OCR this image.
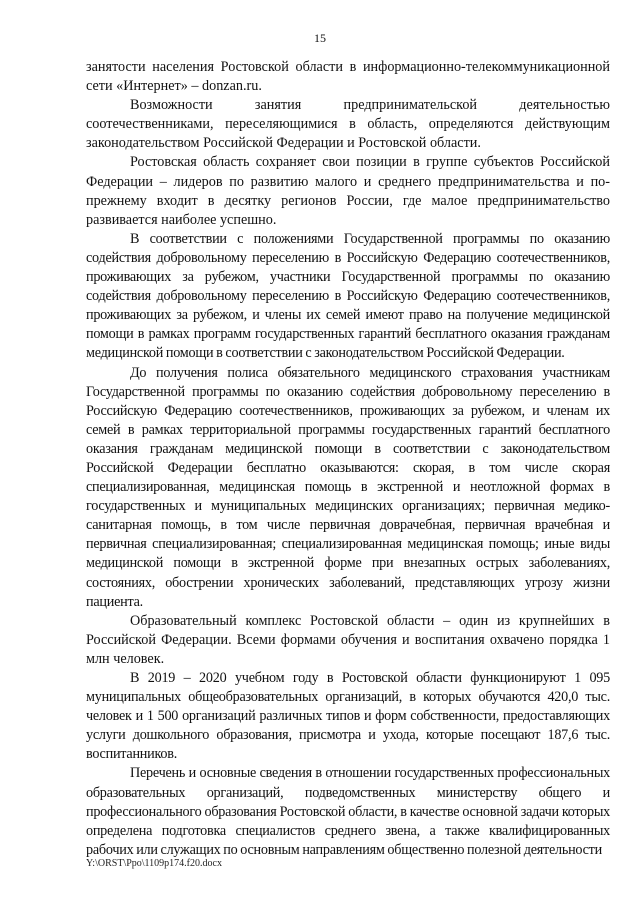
15

занятости населения Ростовской области в информационно-телекоммуникационной сети «Интернет» – donzan.ru.

Возможности занятия предпринимательской деятельностью соотечественниками, переселяющимися в область, определяются действующим законодательством Российской Федерации и Ростовской области.

Ростовская область сохраняет свои позиции в группе субъектов Российской Федерации – лидеров по развитию малого и среднего предпринимательства и по-прежнему входит в десятку регионов России, где малое предпринимательство развивается наиболее успешно.

В соответствии с положениями Государственной программы по оказанию содействия добровольному переселению в Российскую Федерацию соотечественников, проживающих за рубежом, участники Государственной программы по оказанию содействия добровольному переселению в Российскую Федерацию соотечественников, проживающих за рубежом, и члены их семей имеют право на получение медицинской помощи в рамках программ государственных гарантий бесплатного оказания гражданам медицинской помощи в соответствии с законодательством Российской Федерации.

До получения полиса обязательного медицинского страхования участникам Государственной программы по оказанию содействия добровольному переселению в Российскую Федерацию соотечественников, проживающих за рубежом, и членам их семей в рамках территориальной программы государственных гарантий бесплатного оказания гражданам медицинской помощи в соответствии с законодательством Российской Федерации бесплатно оказываются: скорая, в том числе скорая специализированная, медицинская помощь в экстренной и неотложной формах в государственных и муниципальных медицинских организациях; первичная медико-санитарная помощь, в том числе первичная доврачебная, первичная врачебная и первичная специализированная; специализированная медицинская помощь; иные виды медицинской помощи в экстренной форме при внезапных острых заболеваниях, состояниях, обострении хронических заболеваний, представляющих угрозу жизни пациента.

Образовательный комплекс Ростовской области – один из крупнейших в Российской Федерации. Всеми формами обучения и воспитания охвачено порядка 1 млн человек.

В 2019 – 2020 учебном году в Ростовской области функционируют 1 095 муниципальных общеобразовательных организаций, в которых обучаются 420,0 тыс. человек и 1 500 организаций различных типов и форм собственности, предоставляющих услуги дошкольного образования, присмотра и ухода, которые посещают 187,6 тыс. воспитанников.

Перечень и основные сведения в отношении государственных профессиональных образовательных организаций, подведомственных министерству общего и профессионального образования Ростовской области, в качестве основной задачи которых определена подготовка специалистов среднего звена, а также квалифицированных рабочих или служащих по основным направлениям общественно полезной деятельности

Y:\ORST\Ppo\1109p174.f20.docx
